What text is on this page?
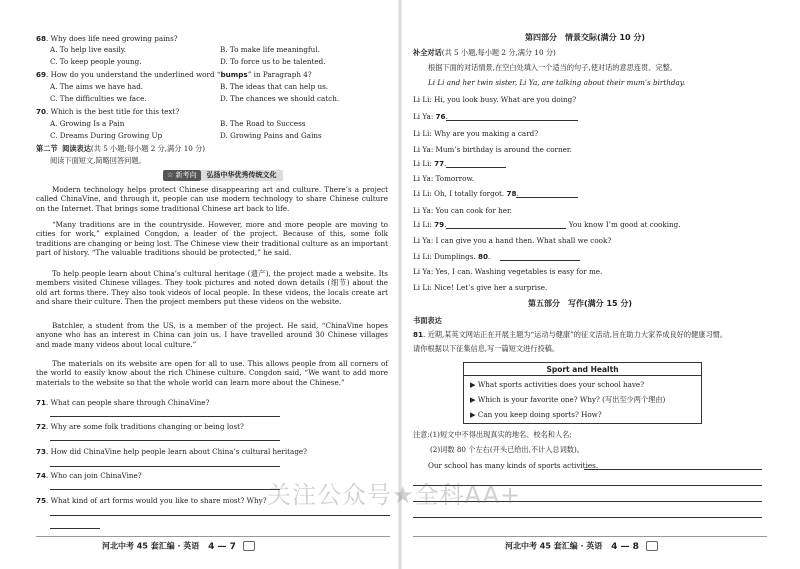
68. Why does life need growing pains?
A. To help live easily.	B. To make life meaningful.
C. To keep people young.	D. To force us to be talented.
69. How do you understand the underlined word “bumps” in Paragraph 4?
A. The aims we have had.	B. The ideas that can help us.
C. The difficulties we face.	D. The chances we should catch.
70. Which is the best title for this text?
A. Growing Is a Pain	B. The Road to Success
C. Dreams During Growing Up	D. Growing Pains and Gains
第二节 阅读表达(共 5 小题;每小题 2 分,满分 10 分)
阅读下面短文,简略回答问题。
☆ 新考向	弘扬中华优秀传统文化
Modern technology helps protect Chinese disappearing art and culture. There’s a project called ChinaVine, and through it, people can use modern technology to share Chinese culture on the Internet. That brings some traditional Chinese art back to life.
“Many traditions are in the countryside. However, more and more people are moving to cities for work,” explained Congdon, a leader of the project. Because of this, some folk traditions are changing or being lost. The Chinese view their traditional culture as an important part of history. “The valuable traditions should be protected,” he said.
To help people learn about China’s cultural heritage (遗产), the project made a website. Its members visited Chinese villages. They took pictures and noted down details (细节) about the old art forms there. They also took videos of local people. In these videos, the locals create art and share their culture. Then the project members put these videos on the website.
Batchler, a student from the US, is a member of the project. He said, “ChinaVine hopes anyone who has an interest in China can join us. I have travelled around 30 Chinese villages and made many videos about local culture.”
The materials on its website are open for all to use. This allows people from all corners of the world to easily know about the rich Chinese culture. Congdon said, “We want to add more materials to the website so that the whole world can learn more about the Chinese.”
71. What can people share through ChinaVine?
72. Why are some folk traditions changing or being lost?
73. How did ChinaVine help people learn about China’s cultural heritage?
74. Who can join ChinaVine?
75. What kind of art forms would you like to share most? Why?
河北中考 45 套汇编 · 英语 4 — 7
第四部分　情景交际(满分 10 分)
补全对话(共 5 小题,每小题 2 分,满分 10 分)
根据下面的对话情景,在空白处填入一个适当的句子,使对话的意思连贯、完整。
Li Li and her twin sister, Li Ya, are talking about their mum’s birthday.
Li Li: Hi, you look busy. What are you doing?
Li Ya: 76.
Li Li: Why are you making a card?
Li Ya: Mum’s birthday is around the corner.
Li Li: 77.
Li Ya: Tomorrow.
Li Li: Oh, I totally forgot. 78.
Li Ya: You can cook for her.
Li Li: 79.	You know I’m good at cooking.
Li Ya: I can give you a hand then. What shall we cook?
Li Li: Dumplings. 80.
Li Ya: Yes, I can. Washing vegetables is easy for me.
Li Li: Nice! Let’s give her a surprise.
第五部分　写作(满分 15 分)
书面表达
81. 近期,某英文网站正在开展主题为“运动与健康”的征文活动,旨在助力大家养成良好的健康习惯。
请你根据以下征集信息,写一篇短文进行投稿。
Sport and Health
▶ What sports activities does your school have?
▶ Which is your favorite one? Why? (写出至少两个理由)
▶ Can you keep doing sports? How?
注意:(1)短文中不得出现真实的地名、校名和人名;
(2)词数 80 个左右(开头已给出,不计入总词数)。
Our school has many kinds of sports activities.
河北中考 45 套汇编 · 英语 4 — 8
关注公众号★全科AA+
